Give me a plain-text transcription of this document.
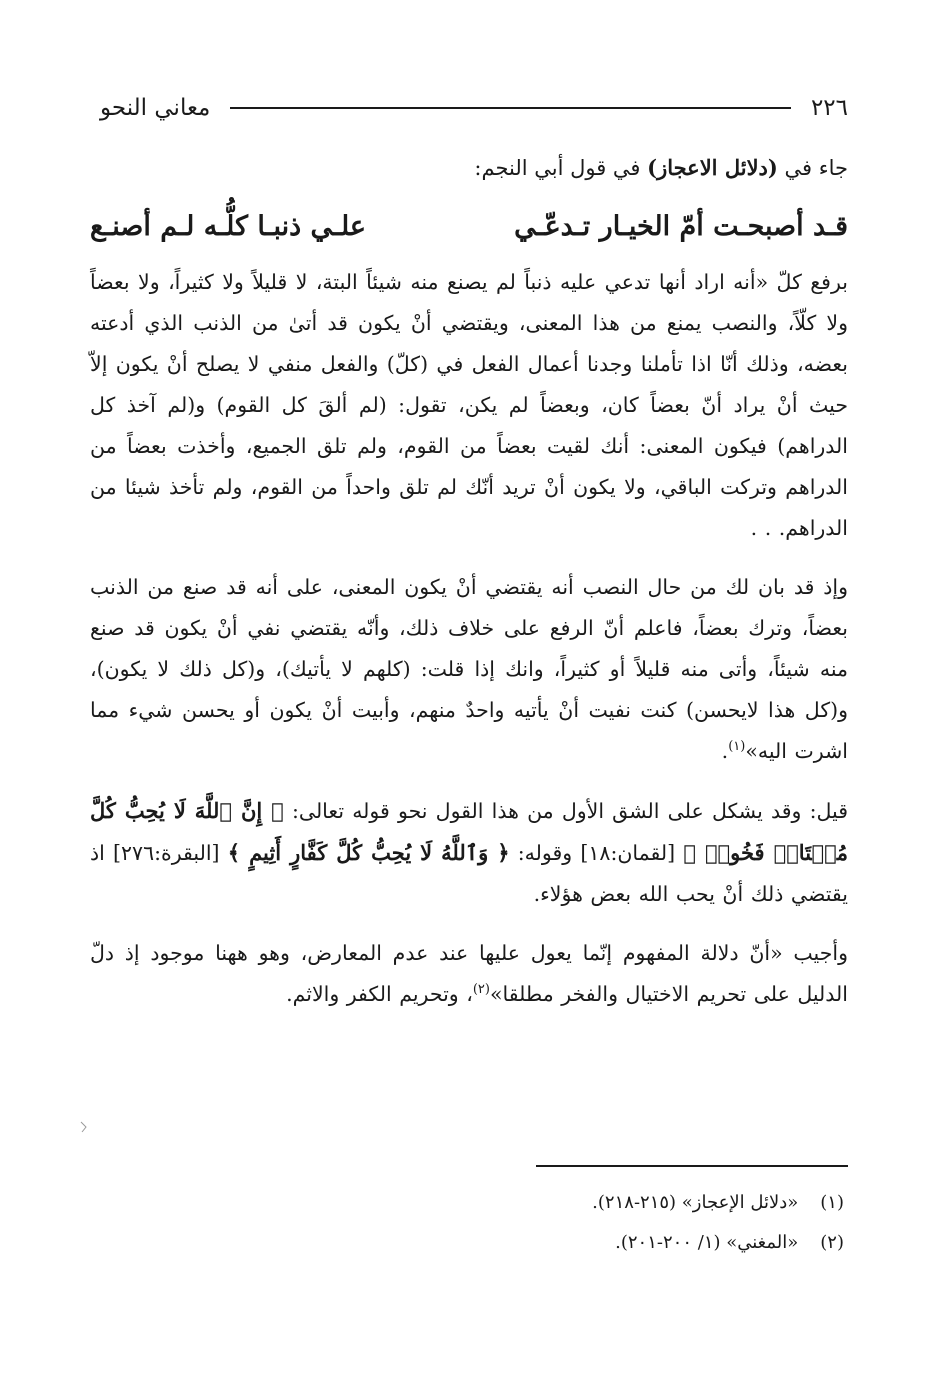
٢٢٦
معاني النحو

جاء في (دلائل الاعجاز) في قول أبي النجم:

قـد أصبحـت أمّ الخيـار تـدعّـي
علـي ذنبـا كلُّـه لـم أصنـع

برفع كلّ «أنه اراد أنها تدعي عليه ذنباً لم يصنع منه شيئاً البتة، لا قليلاً ولا كثيراً، ولا بعضاً ولا كلّاً، والنصب يمنع من هذا المعنى، ويقتضي أنْ يكون قد أتىٰ من الذنب الذي أدعته بعضه، وذلك أنّا اذا تأملنا وجدنا أعمال الفعل في (كلّ) والفعل منفي لا يصلح أنْ يكون إلاّ حيث أنْ يراد أنّ بعضاً كان، وبعضاً لم يكن، تقول: (لم ألقَ كل القوم) و(لم آخذ كل الدراهم) فيكون المعنى: أنك لقيت بعضاً من القوم، ولم تلق الجميع، وأخذت بعضاً من الدراهم وتركت الباقي، ولا يكون أنْ تريد أنّك لم تلق واحداً من القوم، ولم تأخذ شيئا من الدراهم. . .

وإذ قد بان لك من حال النصب أنه يقتضي أنْ يكون المعنى، على أنه قد صنع من الذنب بعضاً، وترك بعضاً، فاعلم أنّ الرفع على خلاف ذلك، وأنّه يقتضي نفي أنْ يكون قد صنع منه شيئاً، وأتى منه قليلاً أو كثيراً، وانك إذا قلت: (كلهم لا يأتيك)، و(كل ذلك لا يكون)، و(كل هذا لايحسن) كنت نفيت أنْ يأتيه واحدٌ منهم، وأبيت أنْ يكون أو يحسن شيء مما اشرت اليه»$^{(١)}$.

قيل: وقد يشكل على الشق الأول من هذا القول نحو قوله تعالى: ﴿ إِنَّ ٱللَّهَ لَا يُحِبُّ كُلَّ مُخۡتَالٖ فَخُورٖ ﴾ [لقمان:١٨] وقوله: ﴿ وَٱللَّهُ لَا يُحِبُّ كُلَّ كَفَّارٍ أَثِيمٍ ﴾ [البقرة:٢٧٦] اذ يقتضي ذلك أنْ يحب الله بعض هؤلاء.

وأجيب «أنّ دلالة المفهوم إنّما يعول عليها عند عدم المعارض، وهو ههنا موجود إذ دلّ الدليل على تحريم الاختيال والفخر مطلقا»$^{(٢)}$، وتحريم الكفر والاثم.

(١)
«دلائل الإعجاز» (٢١٥-٢١٨).
(٢)
«المغني» (١/ ٢٠٠-٢٠١).
